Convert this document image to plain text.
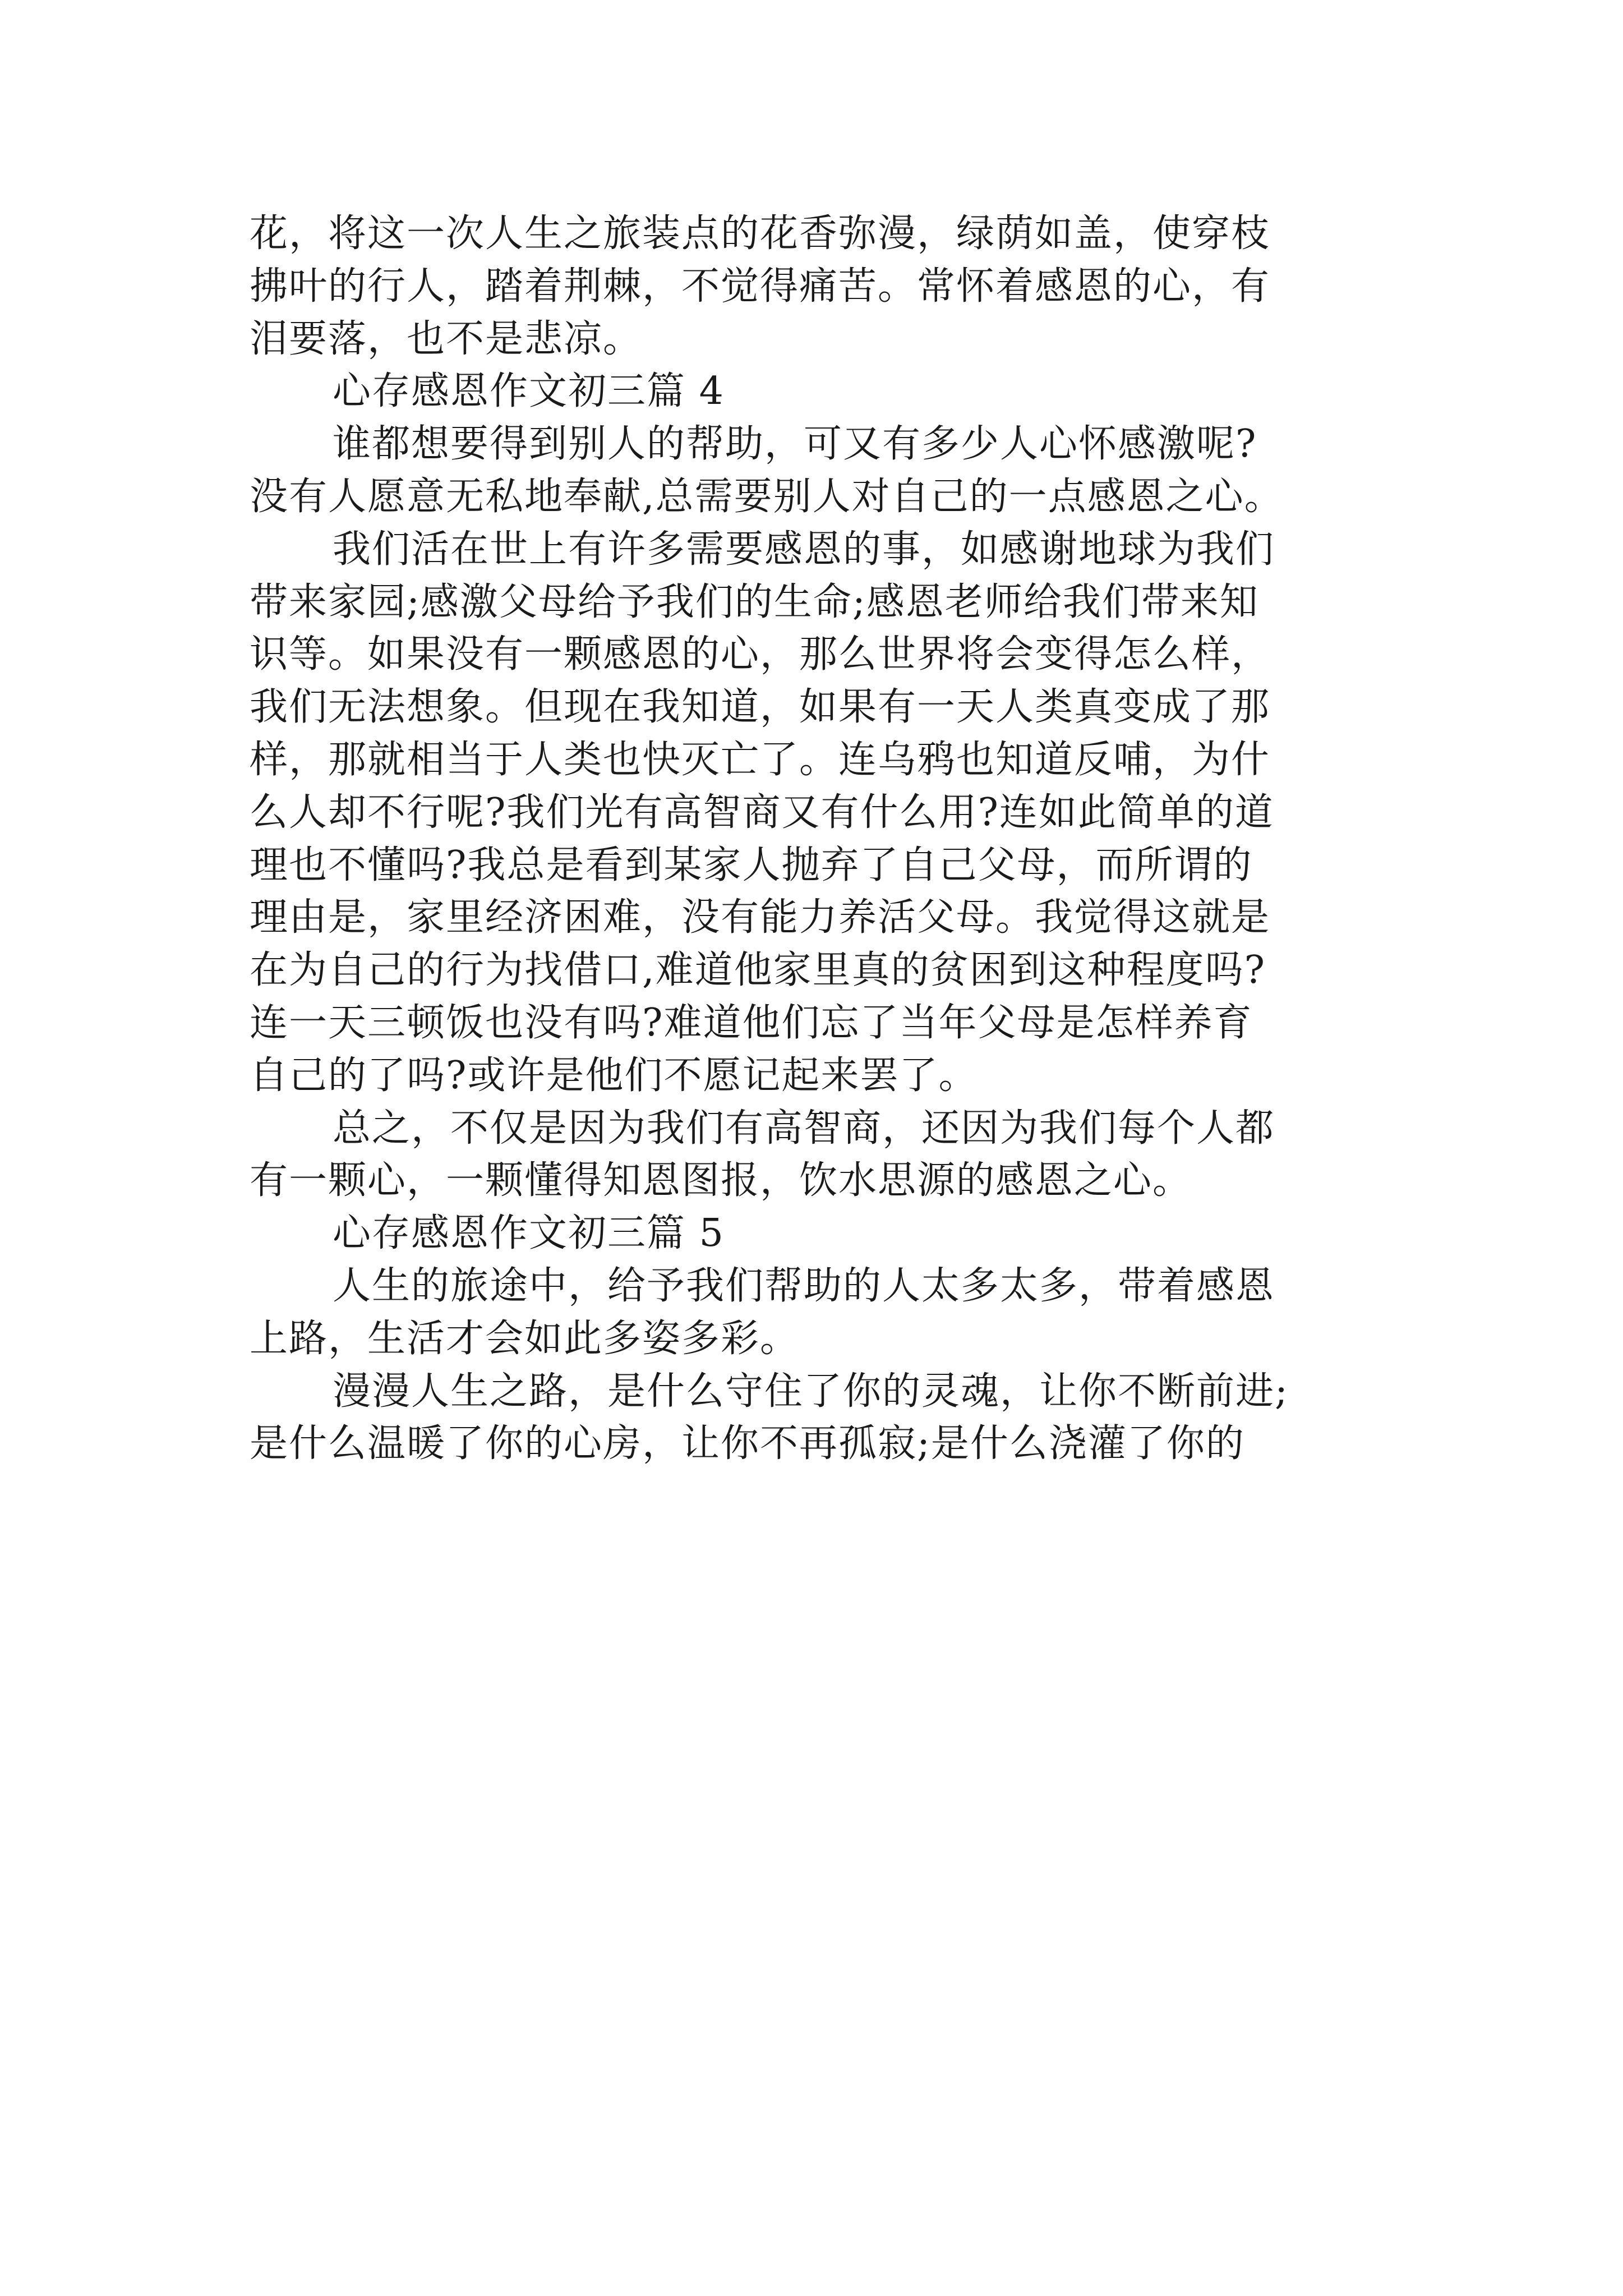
花，将这一次人生之旅装点的花香弥漫，绿荫如盖，使穿枝
拂叶的行人，踏着荆棘，不觉得痛苦。常怀着感恩的心，有
泪要落，也不是悲凉。
心存感恩作文初三篇 4
谁都想要得到别人的帮助，可又有多少人心怀感激呢?
没有人愿意无私地奉献,总需要别人对自己的一点感恩之心。
我们活在世上有许多需要感恩的事，如感谢地球为我们
带来家园;感激父母给予我们的生命;感恩老师给我们带来知
识等。如果没有一颗感恩的心，那么世界将会变得怎么样，
我们无法想象。但现在我知道，如果有一天人类真变成了那
样，那就相当于人类也快灭亡了。连乌鸦也知道反哺，为什
么人却不行呢?我们光有高智商又有什么用?连如此简单的道
理也不懂吗?我总是看到某家人抛弃了自己父母，而所谓的
理由是，家里经济困难，没有能力养活父母。我觉得这就是
在为自己的行为找借口,难道他家里真的贫困到这种程度吗?
连一天三顿饭也没有吗?难道他们忘了当年父母是怎样养育
自己的了吗?或许是他们不愿记起来罢了。
总之，不仅是因为我们有高智商，还因为我们每个人都
有一颗心，一颗懂得知恩图报，饮水思源的感恩之心。
心存感恩作文初三篇 5
人生的旅途中，给予我们帮助的人太多太多，带着感恩
上路，生活才会如此多姿多彩。
漫漫人生之路，是什么守住了你的灵魂，让你不断前进;
是什么温暖了你的心房，让你不再孤寂;是什么浇灌了你的
